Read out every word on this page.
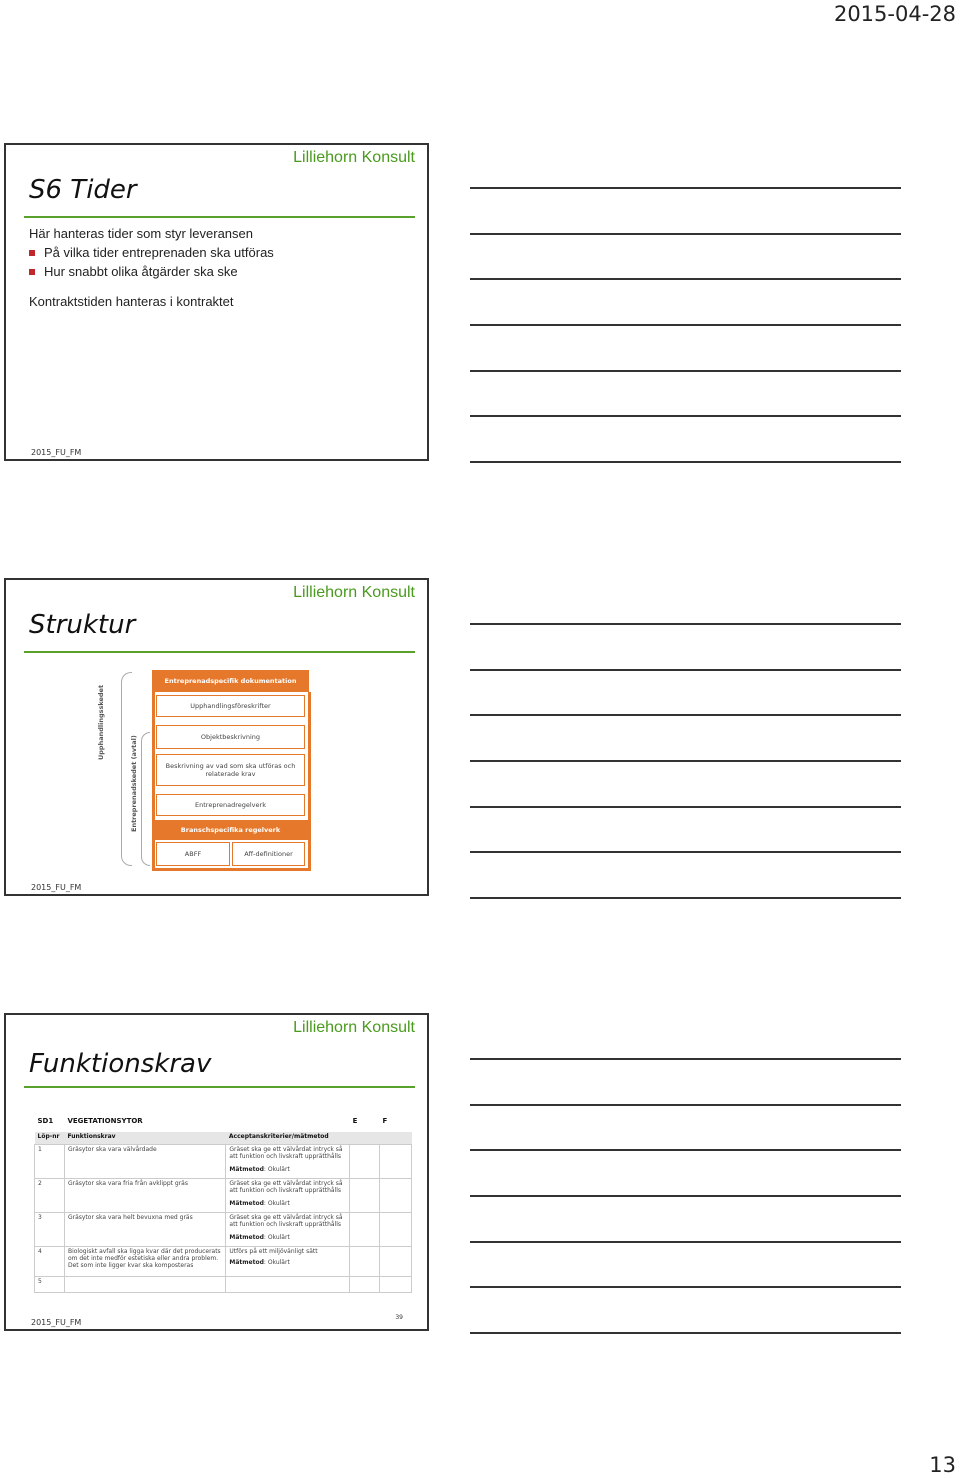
2015-04-28
Lilliehorn Konsult
S6 Tider
Här hanteras tider som styr leveransen
På vilka tider entreprenaden ska utföras
Hur snabbt olika åtgärder ska ske
Kontraktstiden hanteras i kontraktet
2015_FU_FM
Lilliehorn Konsult
Struktur
Upphandlingsskedet
Entreprenadskedet (avtal)
Entreprenadspecifik dokumentation
Upphandlingsföreskrifter
Objektbeskrivning
Beskrivning av vad som ska utföras och
relaterade krav
Entreprenadregelverk
Branschspecifika regelverk
ABFF	Aff-definitioner
2015_FU_FM
Lilliehorn Konsult
Funktionskrav
SD1	VEGETATIONSYTOR		E	F
Löp-nr	Funktionskrav	Acceptanskriterier/mätmetod		
1	Gräsytor ska vara välvårdade	Gräset ska ge ett välvårdat intryck så att funktion och livskraft upprätthålls
Mätmetod: Okulärt		

2	Gräsytor ska vara fria från avklippt gräs	Gräset ska ge ett välvårdat intryck så att funktion och livskraft upprätthålls
Mätmetod: Okulärt		

3	Gräsytor ska vara helt bevuxna med gräs	Gräset ska ge ett välvårdat intryck så att funktion och livskraft upprätthålls
Mätmetod: Okulärt		

4	Biologiskt avfall ska ligga kvar där det producerats om det inte medför estetiska eller andra problem. Det som inte ligger kvar ska komposteras	Utförs på ett miljövänligt sätt
Mätmetod: Okulärt		

5				
39
2015_FU_FM
13
